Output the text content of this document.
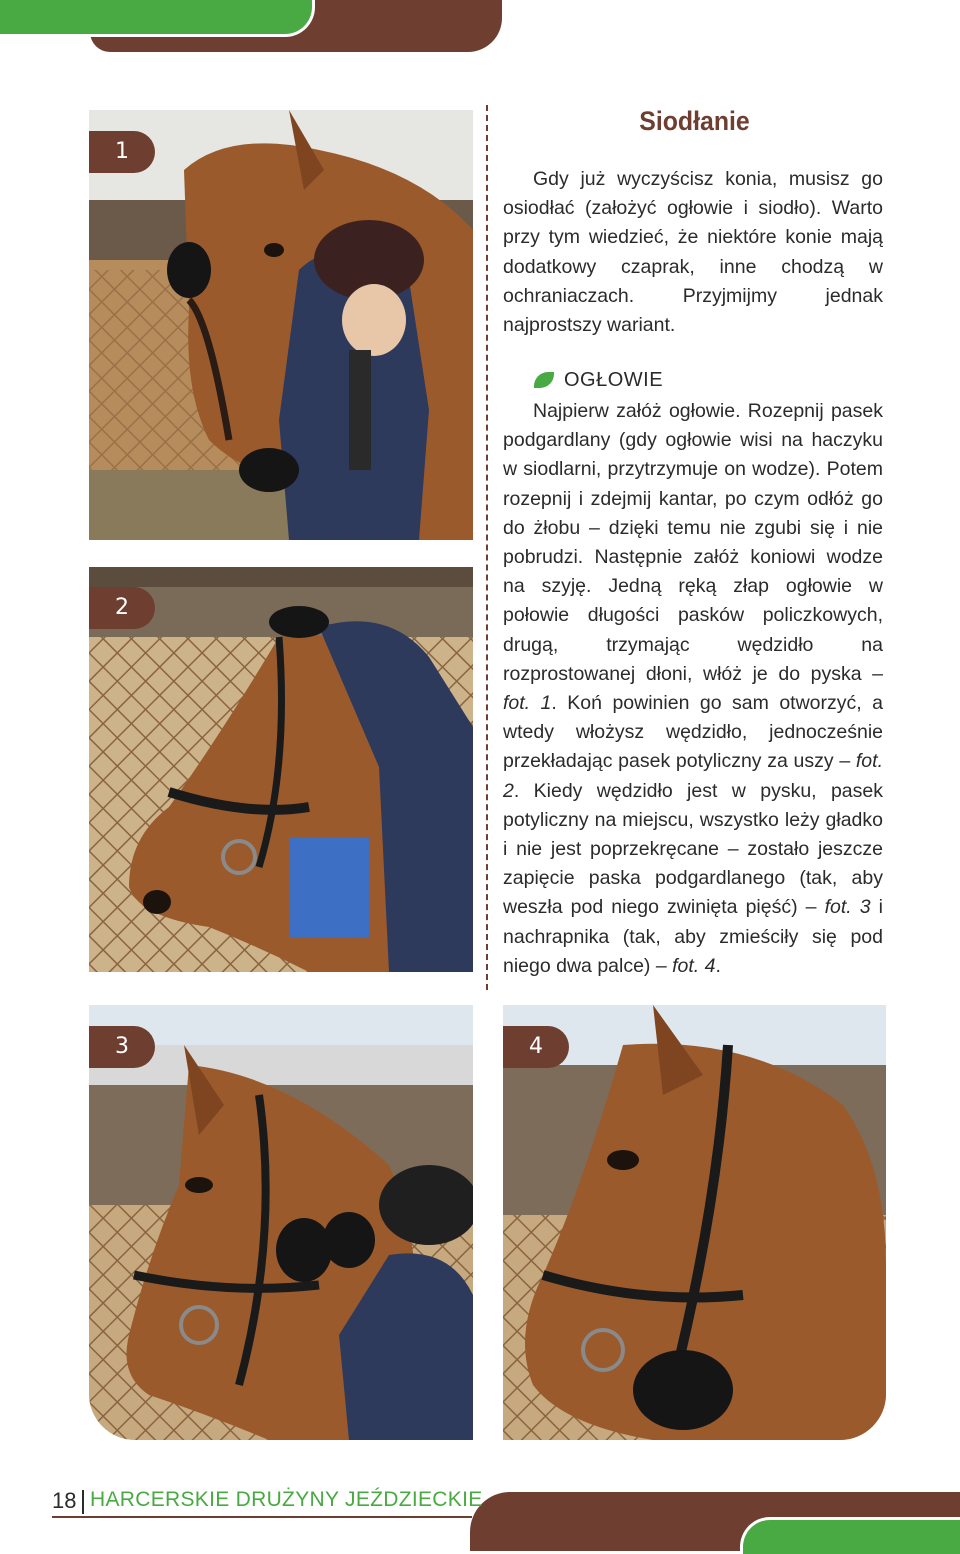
1
2
3	4
Siodłanie

Gdy już wyczyścisz konia, musisz go osiodłać (założyć ogłowie i siodło). Warto przy tym wiedzieć, że niektóre konie mają dodatkowy czaprak, inne chodzą w ochraniaczach. Przyjmijmy jednak najprostszy wariant.

OGŁOWIE

Najpierw załóż ogłowie. Rozepnij pasek podgardlany (gdy ogłowie wisi na haczyku w siodlarni, przytrzymuje on wodze). Potem rozepnij i zdejmij kantar, po czym odłóż go do żłobu – dzięki temu nie zgubi się i nie pobrudzi. Następnie załóż koniowi wodze na szyję. Jedną ręką złap ogłowie w połowie długości pasków policzkowych, drugą, trzymając wędzidło na rozprostowanej dłoni, włóż je do pyska – fot. 1. Koń powinien go sam otworzyć, a wtedy włożysz wędzidło, jednocześnie przekładając pasek potyliczny za uszy – fot. 2. Kiedy wędzidło jest w pysku, pasek potyliczny na miejscu, wszystko leży gładko i nie jest poprzekręcane – zostało jeszcze zapięcie paska podgardlanego (tak, aby weszła pod niego zwinięta pięść) – fot. 3 i nachrapnika (tak, aby zmieściły się pod niego dwa palce) – fot. 4.

18 HARCERSKIE DRUŻYNY JEŹDZIECKIE
